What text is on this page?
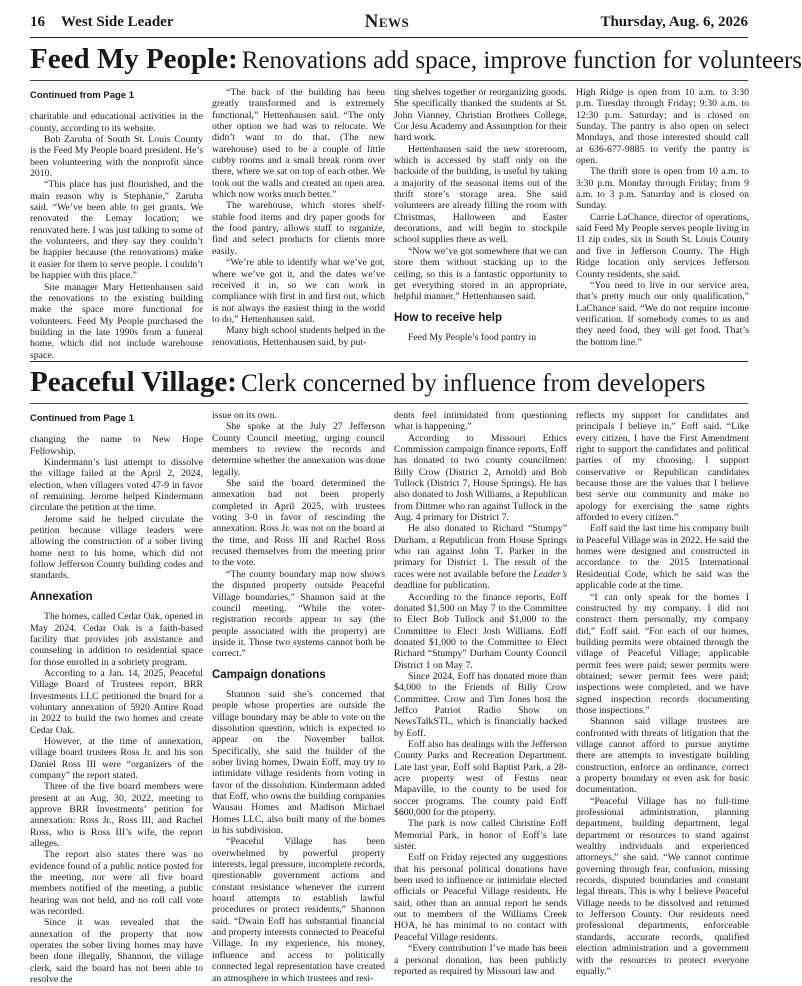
16 West Side Leader	News	Thursday, Aug. 6, 2026
Feed My People: Renovations add space, improve function for volunteers

Continued from Page 1

charitable and educational activities in the county, according to its website.

Bob Zaruba of South St. Louis County is the Feed My People board president. He’s been volunteering with the nonprofit since 2010.

“This place has just flourished, and the main reason why is Stephanie,” Zaruba said. “We’ve been able to get grants. We renovated the Lemay location; we renovated here. I was just talking to some of the volunteers, and they say they couldn’t be happier because (the renovations) make it easier for them to serve people. I couldn’t be happier with this place.”

Site manager Mary Hettenhausen said the renovations to the existing building make the space more functional for volunteers. Feed My People purchased the building in the late 1990s from a funeral home, which did not include warehouse space.

“The back of the building has been greatly transformed and is extremely functional,” Hettenhausen said. “The only other option we had was to relocate. We didn’t want to do that. (The new warehouse) used to be a couple of little cubby rooms and a small break room over there, where we sat on top of each other. We took out the walls and created an open area. which now works much better.”

The warehouse, which stores shelf-stable food items and dry paper goods for the food pantry, allows staff to organize, find and select products for clients more easily.

“We’re able to identify what we’ve got, where we’ve got it, and the dates we’ve received it in, so we can work in compliance with first in and first out, which is not always the easiest thing in the world to do,” Hettenhausen said.

Many high school students helped in the renovations, Hettenhausen said, by put-

ting shelves together or reorganizing goods. She specifically thanked the students at St. John Vianney, Christian Brothers College, Cor Jesu Academy and Assumption for their hard work.

Hettenhausen said the new storeroom, which is accessed by staff only on the backside of the building, is useful by taking a majority of the seasonal items out of the thrift store’s storage area. She said volunteers are already filling the room with Christmas, Halloween and Easter decorations, and will begin to stockpile school supplies there as well.

“Now we’ve got somewhere that we can store them without stacking up to the ceiling, so this is a fantastic opportunity to get everything stored in an appropriate, helpful manner,” Hettenhausen said.

How to receive help

Feed My People’s food pantry in

High Ridge is open from 10 a.m. to 3:30 p.m. Tuesday through Friday; 9:30 a.m. to 12:30 p.m. Saturday; and is closed on Sunday. The pantry is also open on select Mondays, and those interested should call at 636-677-9885 to verify the pantry is open.

The thrift store is open from 10 a.m. to 3:30 p.m. Monday through Friday; from 9 a.m. to 3 p.m. Saturday and is closed on Sunday.

Carrie LaChance, director of operations, said Feed My People serves people living in 11 zip codes, six in South St. Louis County and five in Jefferson County. The High Ridge location only services Jefferson County residents, she said.

“You need to live in our service area, that’s pretty much our only qualification,” LaChance said. “We do not require income verification. If somebody comes to us and they need food, they will get food. That’s the bottom line.”

Peaceful Village: Clerk concerned by influence from developers

Continued from Page 1

changing the name to New Hope Fellowship.

Kindermann’s last attempt to dissolve the village failed at the April 2, 2024, election, when villagers voted 47-9 in favor of remaining. Jerome helped Kindermann circulate the petition at the time.

Jerome said he helped circulate the petition because village leaders were allowing the construction of a sober living home next to his home, which did not follow Jefferson County building codes and standards.

Annexation

The homes, called Cedar Oak, opened in May 2024. Cedar Oak is a faith-based facility that provides job assistance and counseling in addition to residential space for those enrolled in a sobriety program.

According to a Jan. 14, 2025, Peaceful Village Board of Trustees report, BRR Investments LLC petitioned the board for a voluntary annexation of 5920 Antire Road in 2022 to build the two homes and create Cedar Oak.

However, at the time of annexation, village board trustees Ross Jr. and his son Daniel Ross III were “organizers of the company” the report stated.

Three of the five board members were present at an Aug. 30, 2022, meeting to approve BRR Investments’ petition for annexation: Ross Jr., Ross III, and Rachel Ross, who is Ross III’s wife, the report alleges.

The report also states there was no evidence found of a public notice posted for the meeting, nor were all five board members notified of the meeting, a public hearing was not held, and no roll call vote was recorded.

Since it was revealed that the annexation of the property that now operates the sober living homes may have been done illegally, Shannon, the village clerk, said the board has not been able to resolve the

issue on its own.

She spoke at the July 27 Jefferson County Council meeting, urging council members to review the records and determine whether the annexation was done legally.

She said the board determined the annexation had not been properly completed in April 2025, with trustees voting 3-0 in favor of rescinding the annexation. Ross Jr. was not on the board at the time, and Ross III and Rachel Ross recused themselves from the meeting prior to the vote.

“The county boundary map now shows the disputed property outside Peaceful Village boundaries,” Shannon said at the council meeting. “While the voter-registration records appear to say (the people associated with the property) are inside it. Those two systems cannot both be correct.”

Campaign donations

Shannon said she’s concerned that people whose properties are outside the village boundary may be able to vote on the dissolution question, which is expected to appear on the November ballot. Specifically, she said the builder of the sober living homes, Dwain Eoff, may try to intimidate village residents from voting in favor of the dissolution. Kindermann added that Eoff, who owns the building companies Wausau Homes and Madison Michael Homes LLC, also built many of the homes in his subdivision.

“Peaceful Village has been overwhelmed by powerful property interests, legal pressure, incomplete records, questionable government actions and constant resistance whenever the current board attempts to establish lawful procedures or protect residents,” Shannon said. “Dwain Eoff has substantial financial and property interests connected to Peaceful Village. In my experience, his money, influence and access to politically connected legal representation have created an atmosphere in which trustees and resi-

dents feel intimidated from questioning what is happening.”

According to Missouri Ethics Commission campaign finance reports, Eoff has donated to two county councilmen: Billy Crow (District 2, Arnold) and Bob Tullock (District 7, House Springs). He has also donated to Josh Williams, a Republican from Dittmer who ran against Tullock in the Aug. 4 primary for District 7.

He also donated to Richard “Stumpy” Durham, a Republican from House Springs who ran against John T. Parker in the primary for District 1. The result of the races were not available before the Leader’s deadline for publication.

According to the finance reports, Eoff donated $1,500 on May 7 to the Committee to Elect Bob Tullock and $1,000 to the Committee to Elect Josh Williams. Eoff donated $1,000 to the Committee to Elect Richard “Stumpy” Durham County Council District 1 on May 7.

Since 2024, Eoff has donated more than $4,000 to the Friends of Billy Crow Committee. Crow and Tim Jones host the Jeffco Patriot Radio Show on NewsTalkSTL, which is financially backed by Eoff.

Eoff also has dealings with the Jefferson County Parks and Recreation Department. Late last year, Eoff sold Baptist Park, a 28-acre property west of Festus near Mapaville, to the county to be used for soccer programs. The county paid Eoff $600,000 for the property.

The park is now called Christine Eoff Memorial Park, in honor of Eoff’s late sister.

Eoff on Friday rejected any suggestions that his personal political donations have been used to influence or intimidate elected officials or Peaceful Village residents. He said, other than an annual report he sends out to members of the Williams Creek HOA, he has minimal to no contact with Peaceful Village residents.

“Every contribution I’ve made has been a personal donation, has been publicly reported as required by Missouri law and

reflects my support for candidates and principals I believe in,” Eoff said. “Like every citizen, I have the First Amendment right to support the candidates and political parties of my choosing. I support conservative or Republican candidates because those are the values that I believe best serve our community and make no apology for exercising the same rights afforded to every citizen.”

Eoff said the last time his company built in Peaceful Village was in 2022. He said the homes were designed and constructed in accordance to the 2015 International Residential Code, which he said was the applicable code at the time.

“I can only speak for the homes I constructed by my company. I did not construct them personally, my company did,” Eoff said. “For each of our homes, building permits were obtained through the village of Peaceful Village; applicable permit fees were paid; sewer permits were obtained; sewer permit fees were paid; inspections were completed, and we have signed inspection records documenting those inspections.”

Shannon said village trustees are confronted with threats of litigation that the village cannot afford to pursue anytime there are attempts to investigate building construction, enforce an ordinance, correct a property boundary or even ask for basic documentation.

“Peaceful Village has no full-time professional administration, planning department, building department, legal department or resources to stand against wealthy individuals and experienced attorneys,” she said. “We cannot continue governing through fear, confusion, missing records, disputed boundaries and constant legal threats. This is why I believe Peaceful Village needs to be dissolved and returned to Jefferson County. Our residents need professional departments, enforceable standards, accurate records, qualified election administration and a government with the resources to protect everyone equally.”
